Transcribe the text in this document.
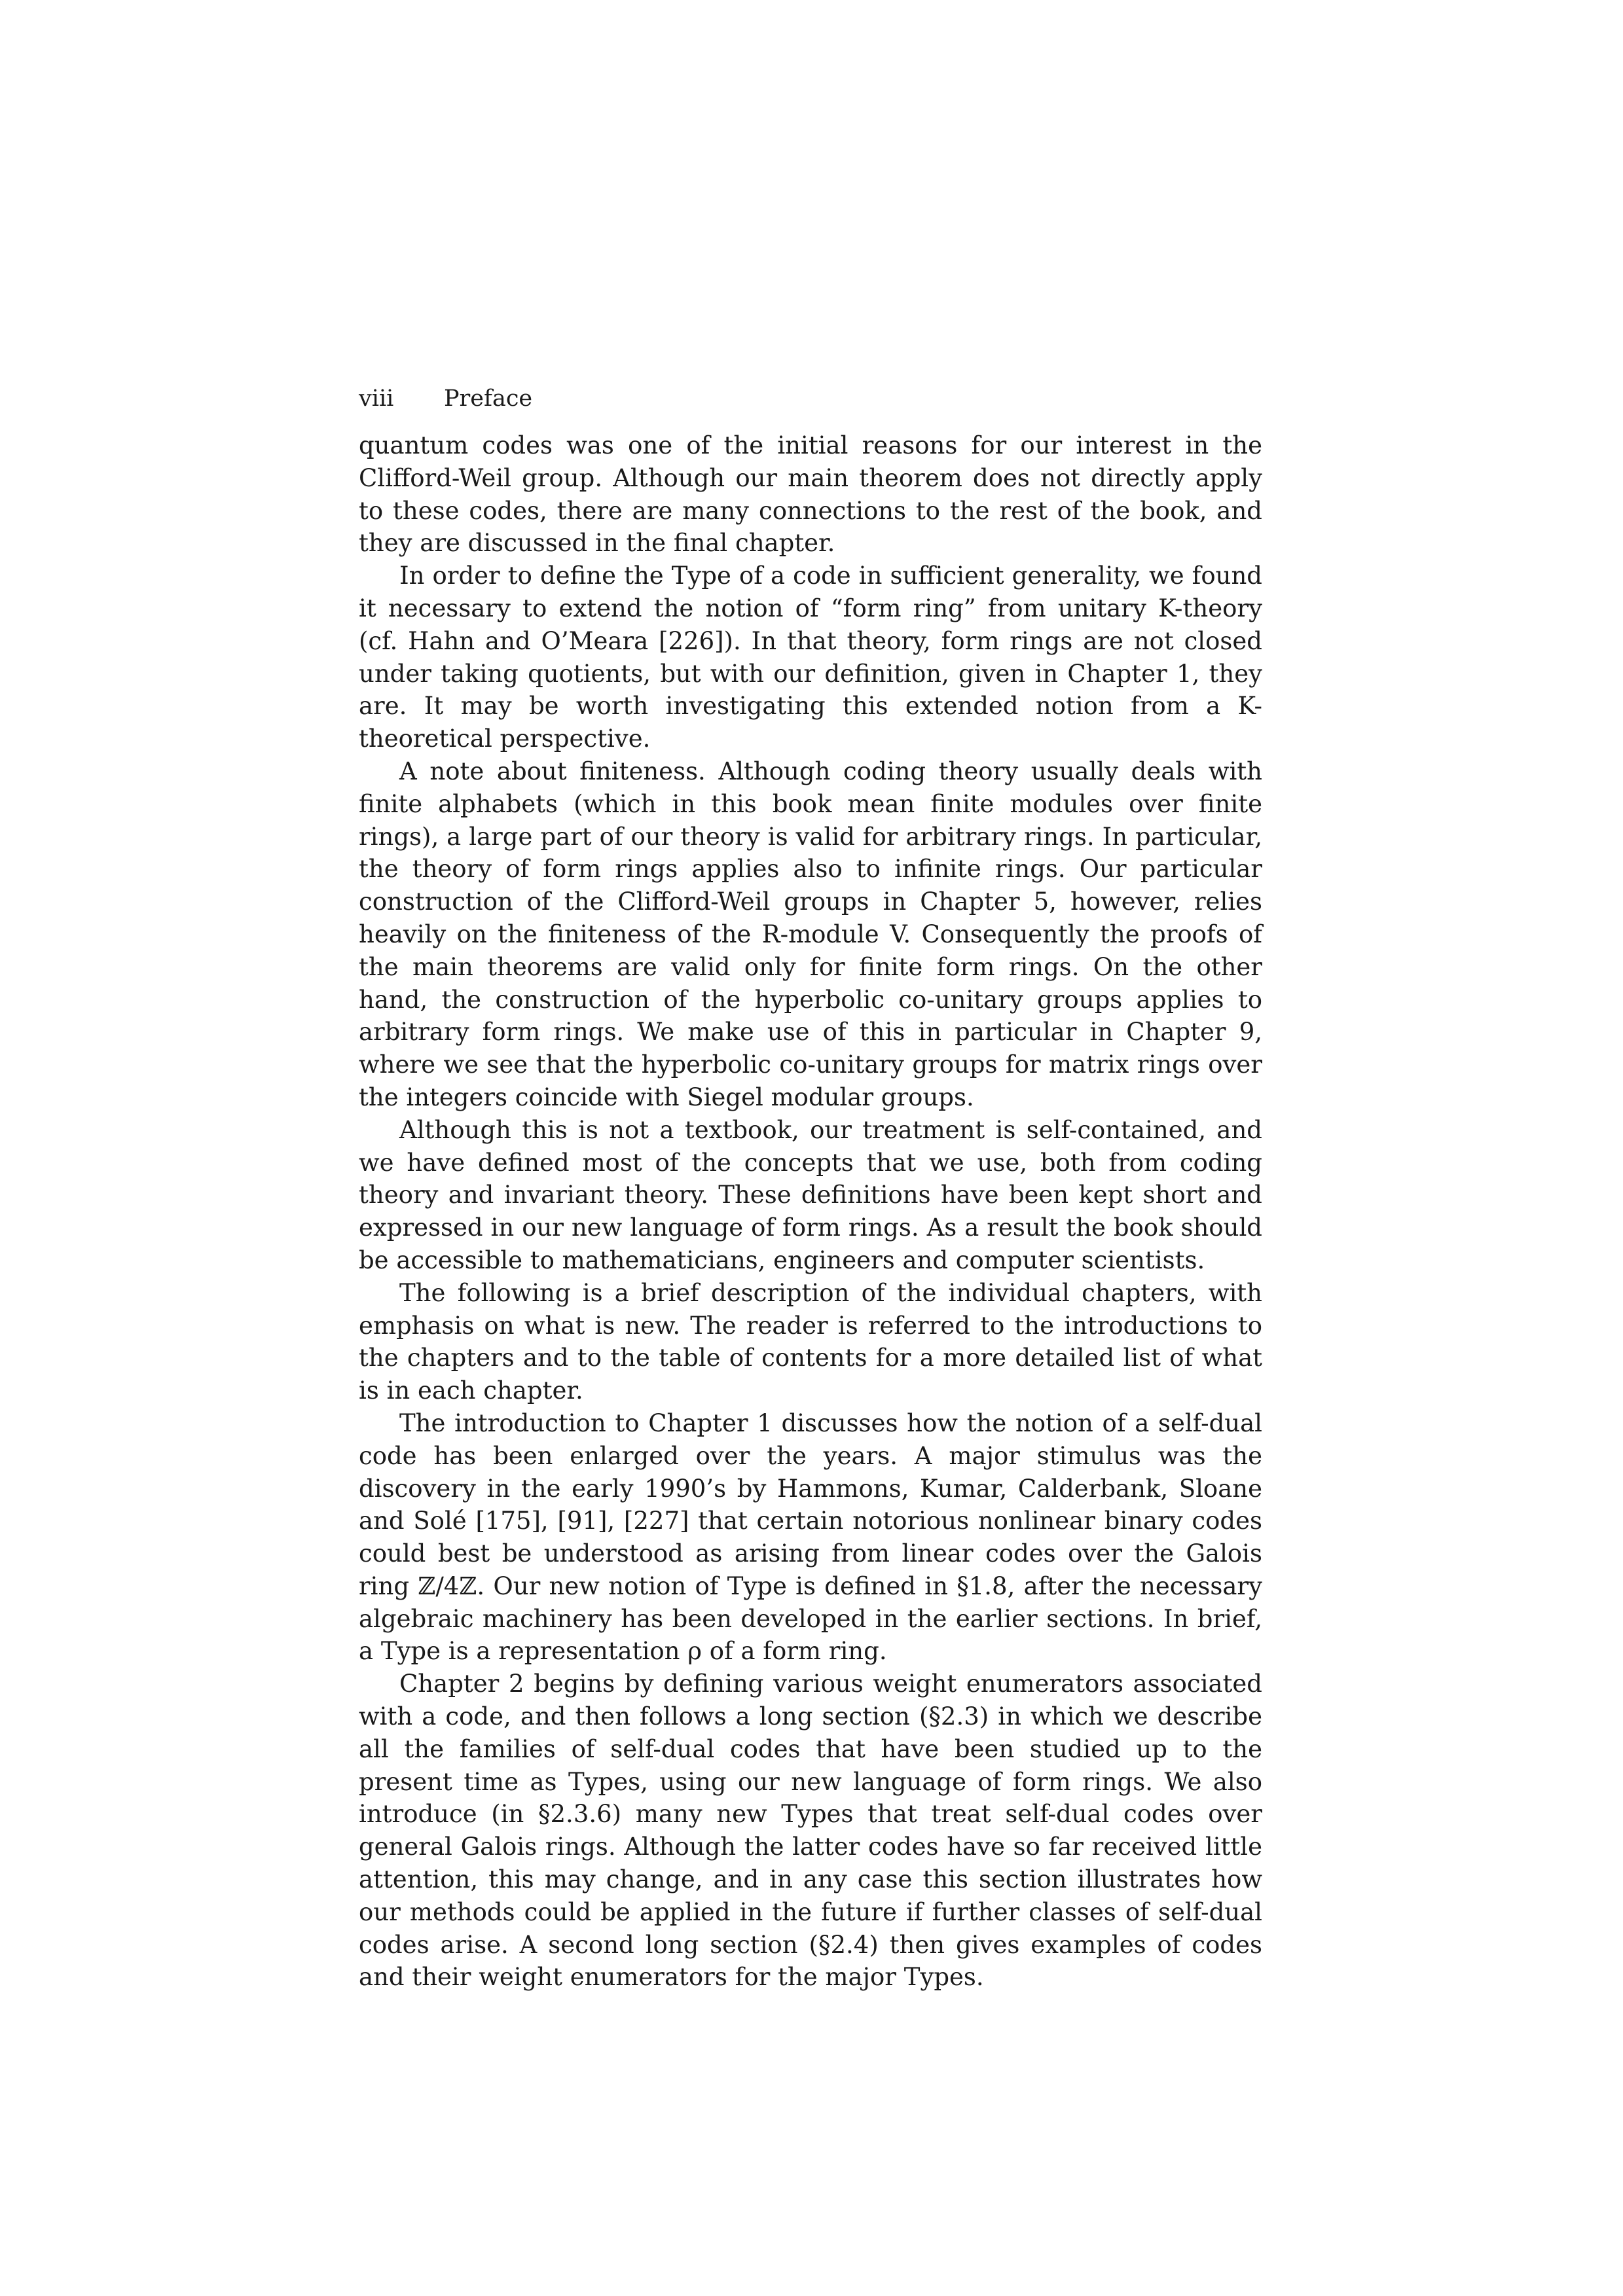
viii Preface

quantum codes was one of the initial reasons for our interest in the Clifford-Weil group. Although our main theorem does not directly apply to these codes, there are many connections to the rest of the book, and they are discussed in the final chapter.

In order to define the Type of a code in sufficient generality, we found it necessary to extend the notion of “form ring” from unitary K-theory (cf. Hahn and O’Meara [226]). In that theory, form rings are not closed under taking quotients, but with our definition, given in Chapter 1, they are. It may be worth investigating this extended notion from a K-theoretical perspective.

A note about finiteness. Although coding theory usually deals with finite alphabets (which in this book mean finite modules over finite rings), a large part of our theory is valid for arbitrary rings. In particular, the theory of form rings applies also to infinite rings. Our particular construction of the Clifford-Weil groups in Chapter 5, however, relies heavily on the finiteness of the R-module V. Consequently the proofs of the main theorems are valid only for finite form rings. On the other hand, the construction of the hyperbolic co-unitary groups applies to arbitrary form rings. We make use of this in particular in Chapter 9, where we see that the hyperbolic co-unitary groups for matrix rings over the integers coincide with Siegel modular groups.

Although this is not a textbook, our treatment is self-contained, and we have defined most of the concepts that we use, both from coding theory and invariant theory. These definitions have been kept short and expressed in our new language of form rings. As a result the book should be accessible to mathematicians, engineers and computer scientists.

The following is a brief description of the individual chapters, with emphasis on what is new. The reader is referred to the introductions to the chapters and to the table of contents for a more detailed list of what is in each chapter.

The introduction to Chapter 1 discusses how the notion of a self-dual code has been enlarged over the years. A major stimulus was the discovery in the early 1990’s by Hammons, Kumar, Calderbank, Sloane and Solé [175], [91], [227] that certain notorious nonlinear binary codes could best be understood as arising from linear codes over the Galois ring ℤ/4ℤ. Our new notion of Type is defined in §1.8, after the necessary algebraic machinery has been developed in the earlier sections. In brief, a Type is a representation ρ of a form ring.

Chapter 2 begins by defining various weight enumerators associated with a code, and then follows a long section (§2.3) in which we describe all the families of self-dual codes that have been studied up to the present time as Types, using our new language of form rings. We also introduce (in §2.3.6) many new Types that treat self-dual codes over general Galois rings. Although the latter codes have so far received little attention, this may change, and in any case this section illustrates how our methods could be applied in the future if further classes of self-dual codes arise. A second long section (§2.4) then gives examples of codes and their weight enumerators for the major Types.
